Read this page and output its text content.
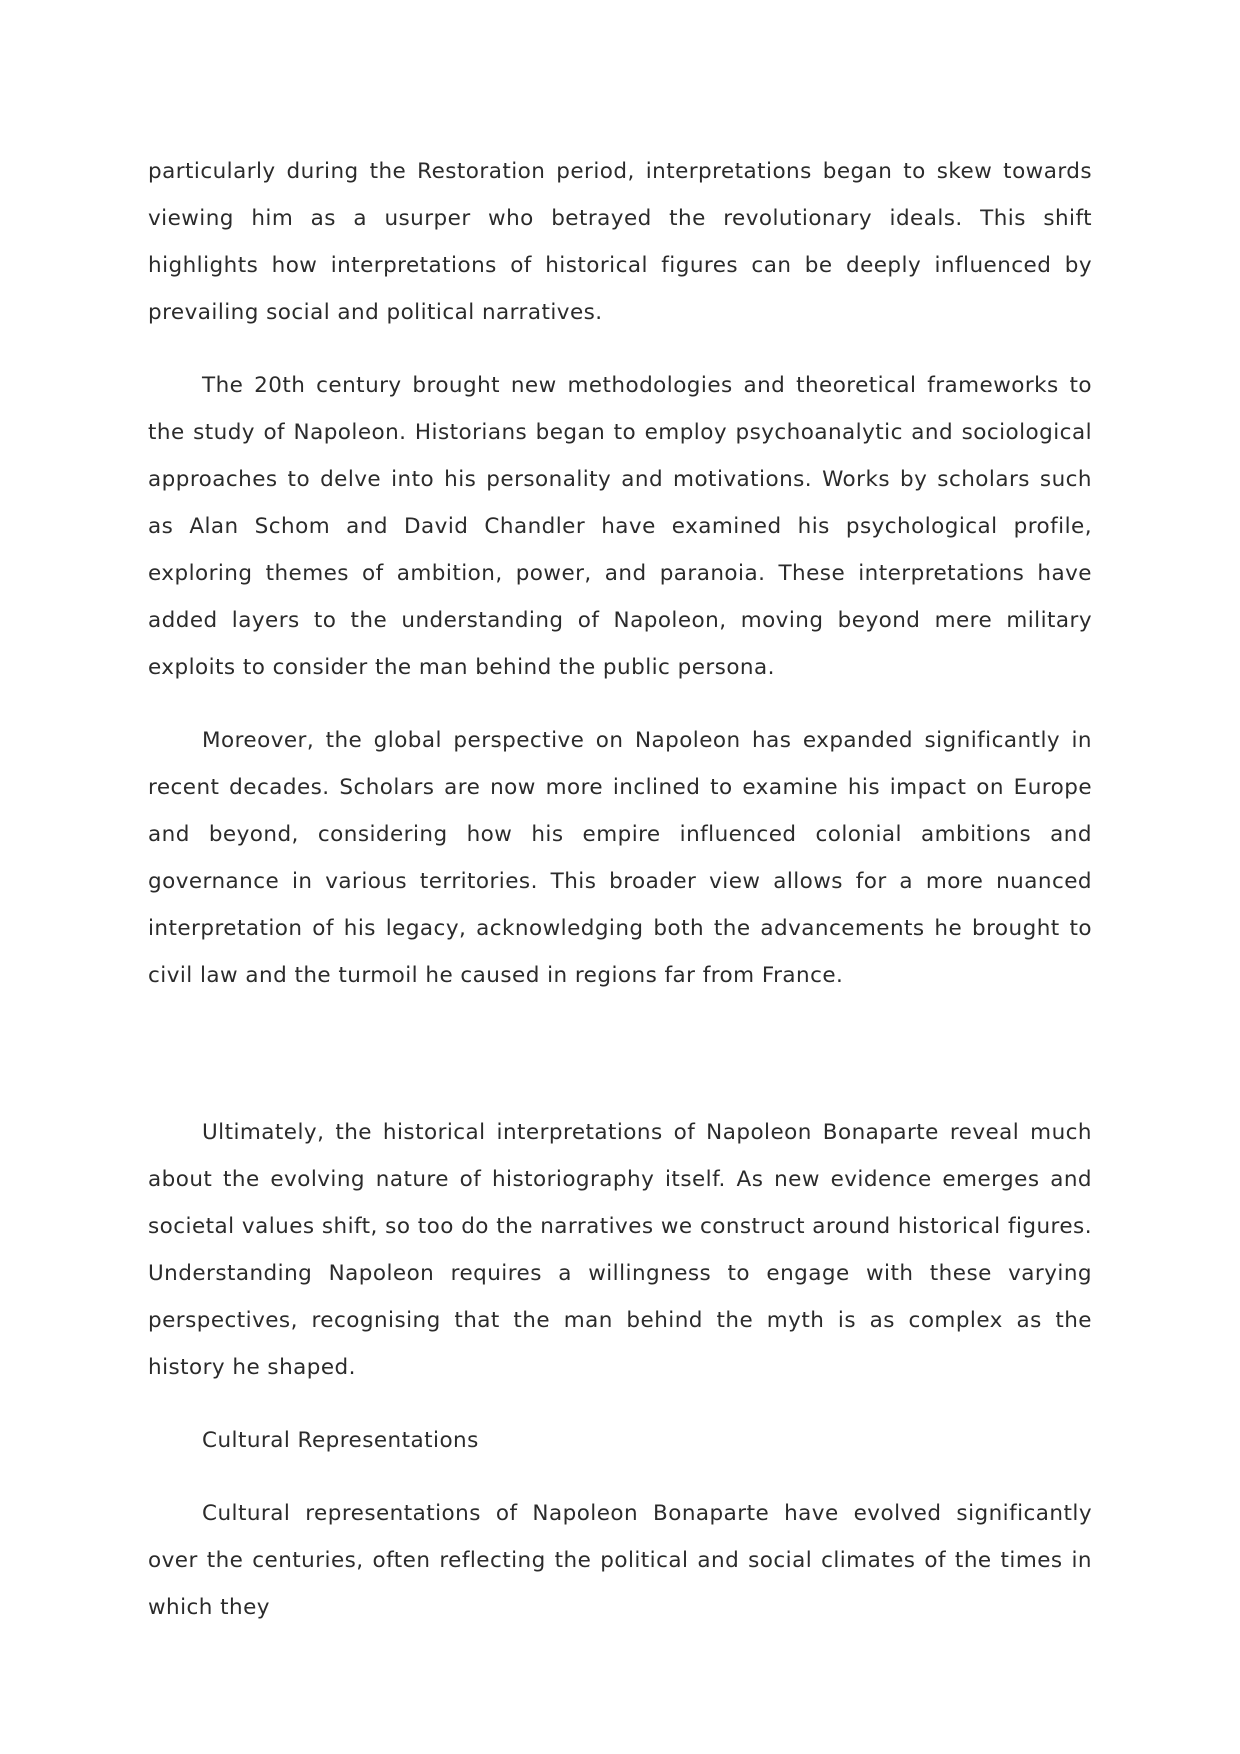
particularly during the Restoration period, interpretations began to skew towards viewing him as a usurper who betrayed the revolutionary ideals. This shift highlights how interpretations of historical figures can be deeply influenced by prevailing social and political narratives.

The 20th century brought new methodologies and theoretical frameworks to the study of Napoleon. Historians began to employ psychoanalytic and sociological approaches to delve into his personality and motivations. Works by scholars such as Alan Schom and David Chandler have examined his psychological profile, exploring themes of ambition, power, and paranoia. These interpretations have added layers to the understanding of Napoleon, moving beyond mere military exploits to consider the man behind the public persona.

Moreover, the global perspective on Napoleon has expanded significantly in recent decades. Scholars are now more inclined to examine his impact on Europe and beyond, considering how his empire influenced colonial ambitions and governance in various territories. This broader view allows for a more nuanced interpretation of his legacy, acknowledging both the advancements he brought to civil law and the turmoil he caused in regions far from France.

Ultimately, the historical interpretations of Napoleon Bonaparte reveal much about the evolving nature of historiography itself. As new evidence emerges and societal values shift, so too do the narratives we construct around historical figures. Understanding Napoleon requires a willingness to engage with these varying perspectives, recognising that the man behind the myth is as complex as the history he shaped.

Cultural Representations

Cultural representations of Napoleon Bonaparte have evolved significantly over the centuries, often reflecting the political and social climates of the times in which they
